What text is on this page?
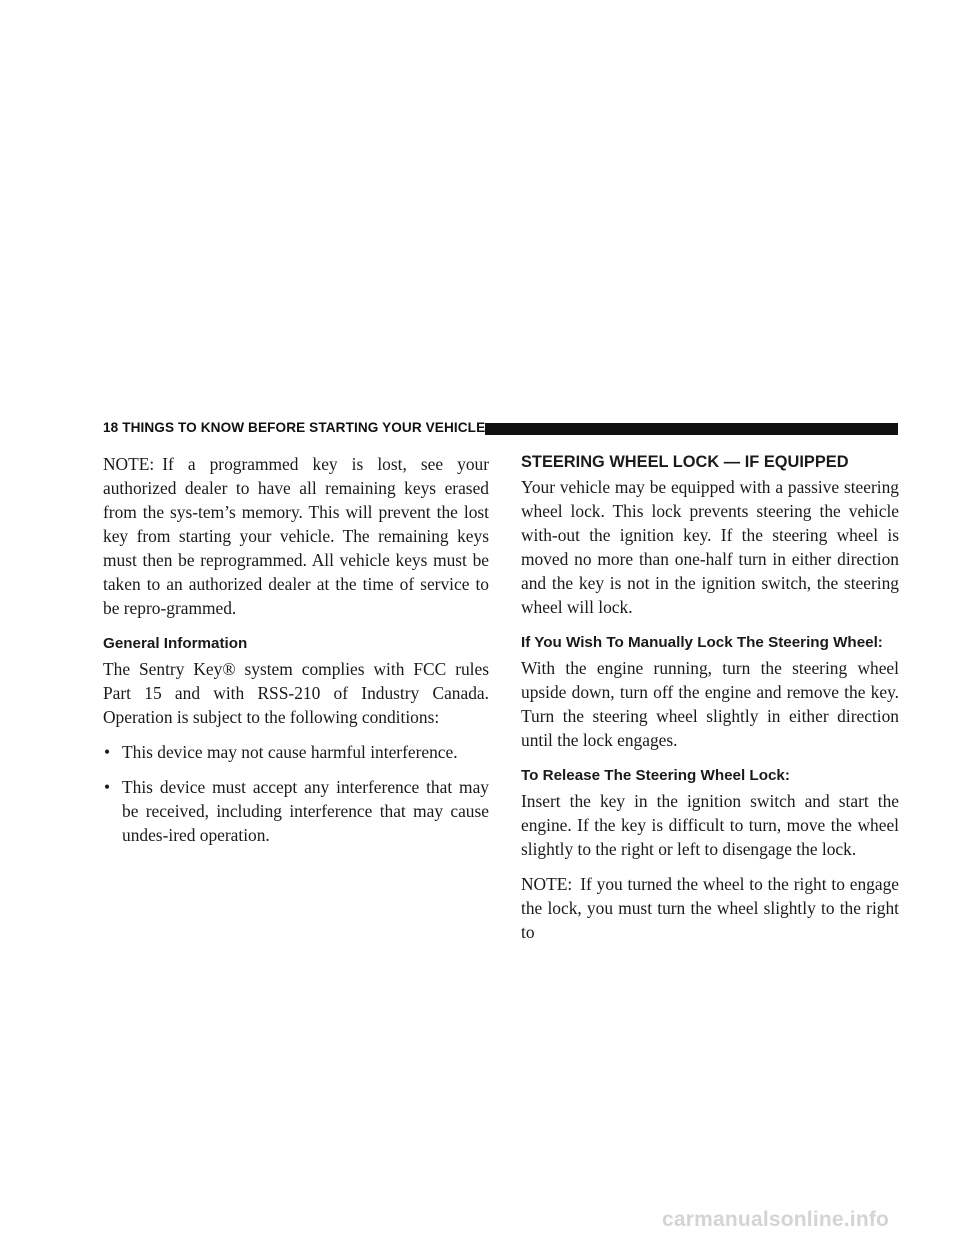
18 THINGS TO KNOW BEFORE STARTING YOUR VEHICLE

NOTE: If a programmed key is lost, see your authorized dealer to have all remaining keys erased from the sys-tem’s memory. This will prevent the lost key from starting your vehicle. The remaining keys must then be reprogrammed. All vehicle keys must be taken to an authorized dealer at the time of service to be repro-grammed.

General Information

The Sentry Key® system complies with FCC rules Part 15 and with RSS-210 of Industry Canada. Operation is subject to the following conditions:

• This device may not cause harmful interference.
• This device must accept any interference that may be received, including interference that may cause undes-ired operation.
STEERING WHEEL LOCK — IF EQUIPPED

Your vehicle may be equipped with a passive steering wheel lock. This lock prevents steering the vehicle with-out the ignition key. If the steering wheel is moved no more than one-half turn in either direction and the key is not in the ignition switch, the steering wheel will lock.

If You Wish To Manually Lock The Steering Wheel:

With the engine running, turn the steering wheel upside down, turn off the engine and remove the key. Turn the steering wheel slightly in either direction until the lock engages.

To Release The Steering Wheel Lock:

Insert the key in the ignition switch and start the engine. If the key is difficult to turn, move the wheel slightly to the right or left to disengage the lock.

NOTE: If you turned the wheel to the right to engage the lock, you must turn the wheel slightly to the right to

carmanualsonline.info
